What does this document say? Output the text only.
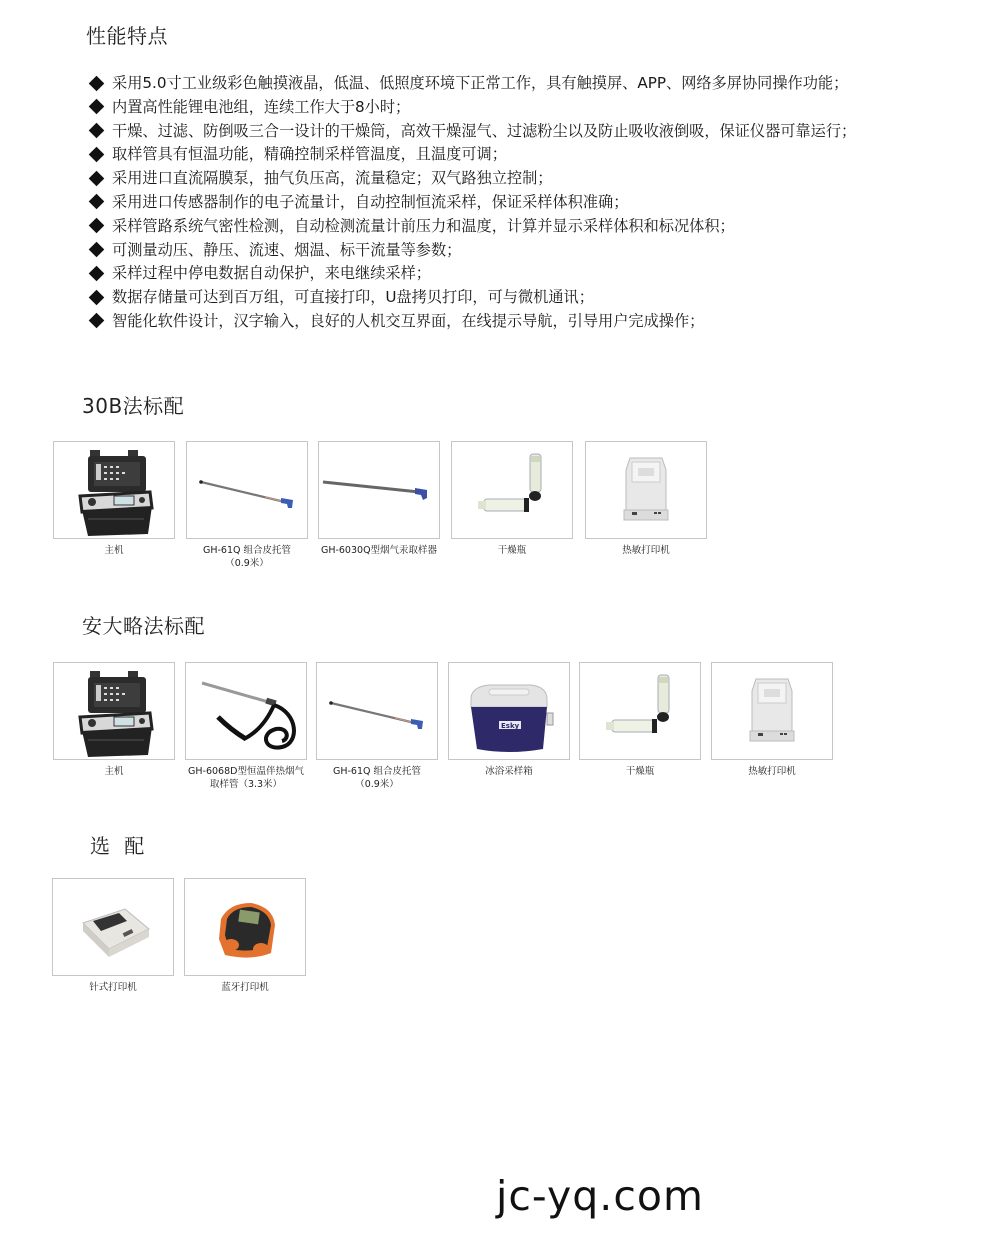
性能特点
采用5.0寸工业级彩色触摸液晶，低温、低照度环境下正常工作，具有触摸屏、APP、网络多屏协同操作功能；
内置高性能锂电池组，连续工作大于8小时；
干燥、过滤、防倒吸三合一设计的干燥筒，高效干燥湿气、过滤粉尘以及防止吸收液倒吸，保证仪器可靠运行；
取样管具有恒温功能，精确控制采样管温度，且温度可调；
采用进口直流隔膜泵，抽气负压高，流量稳定；双气路独立控制；
采用进口传感器制作的电子流量计，自动控制恒流采样，保证采样体积准确；
采样管路系统气密性检测，自动检测流量计前压力和温度，计算并显示采样体积和标况体积；
可测量动压、静压、流速、烟温、标干流量等参数；
采样过程中停电数据自动保护，来电继续采样；
数据存储量可达到百万组，可直接打印，U盘拷贝打印，可与微机通讯；
智能化软件设计，汉字输入，良好的人机交互界面，在线提示导航，引导用户完成操作；
30B法标配
主机	GH-61Q 组合皮托管
（0.9米）
GH-6030Q型烟气汞取样器	干燥瓶	热敏打印机
安大略法标配
主机	GH-6068D型恒温伴热烟气
取样管（3.3米）
GH-61Q 组合皮托管
（0.9米）
冰浴采样箱	干燥瓶	热敏打印机
选  配
针式打印机	蓝牙打印机
jc-yq.com
